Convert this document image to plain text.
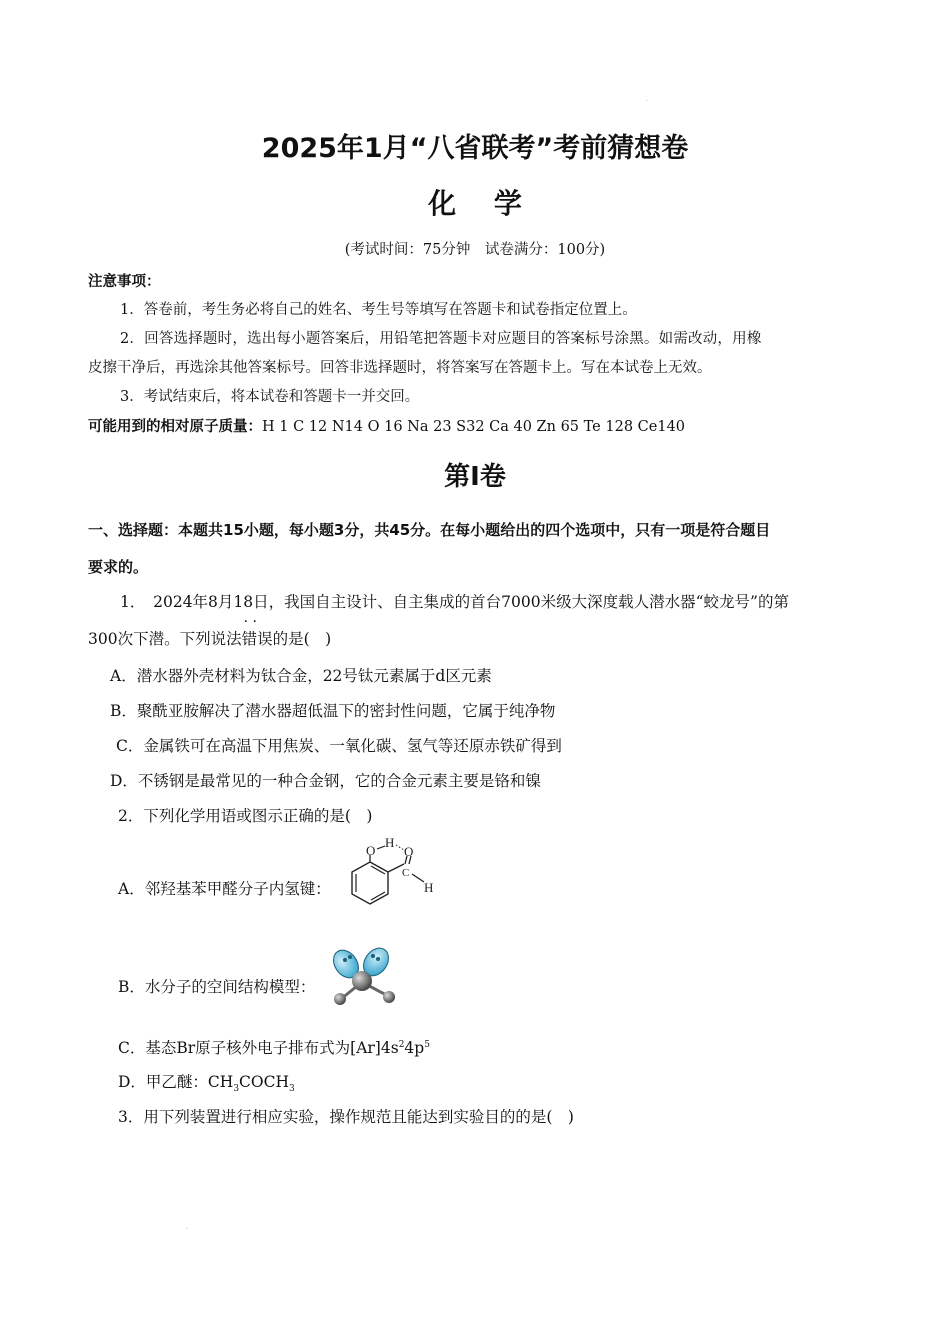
.
2025年1月“八省联考”考前猜想卷
化 学
(考试时间：75分钟　试卷满分：100分)
注意事项：
1．答卷前，考生务必将自己的姓名、考生号等填写在答题卡和试卷指定位置上。
2．回答选择题时，选出每小题答案后，用铅笔把答题卡对应题目的答案标号涂黑。如需改动，用橡
皮擦干净后，再选涂其他答案标号。回答非选择题时，将答案写在答题卡上。写在本试卷上无效。
3．考试结束后，将本试卷和答题卡一并交回。
可能用到的相对原子质量：H 1 C 12 N14 O 16 Na 23 S32 Ca 40 Zn 65 Te 128 Ce140
第Ⅰ卷
一、选择题：本题共15小题，每小题3分，共45分。在每小题给出的四个选项中，只有一项是符合题目
要求的。
1．　2024年8月18日，我国自主设计、自主集成的首台7000米级大深度载人潜水器“蛟龙号”的第
300次下潜。下列说法· · 错误的是(　)
A．潜水器外壳材料为钛合金，22号钛元素属于d区元素
B．聚酰亚胺解决了潜水器超低温下的密封性问题，它属于纯净物
C．金属铁可在高温下用焦炭、一氧化碳、氢气等还原赤铁矿得到
D．不锈钢是最常见的一种合金钢，它的合金元素主要是铬和镍
2．下列化学用语或图示正确的是(　)
A．邻羟基苯甲醛分子内氢键：
O
H
O
C
H
B．水分子的空间结构模型：
C．基态Br原子核外电子排布式为$[Ar]4s^24p^5$
D．甲乙醚：$CH_3COCH_3$
3．用下列装置进行相应实验，操作规范且能达到实验目的的是(　)
.
